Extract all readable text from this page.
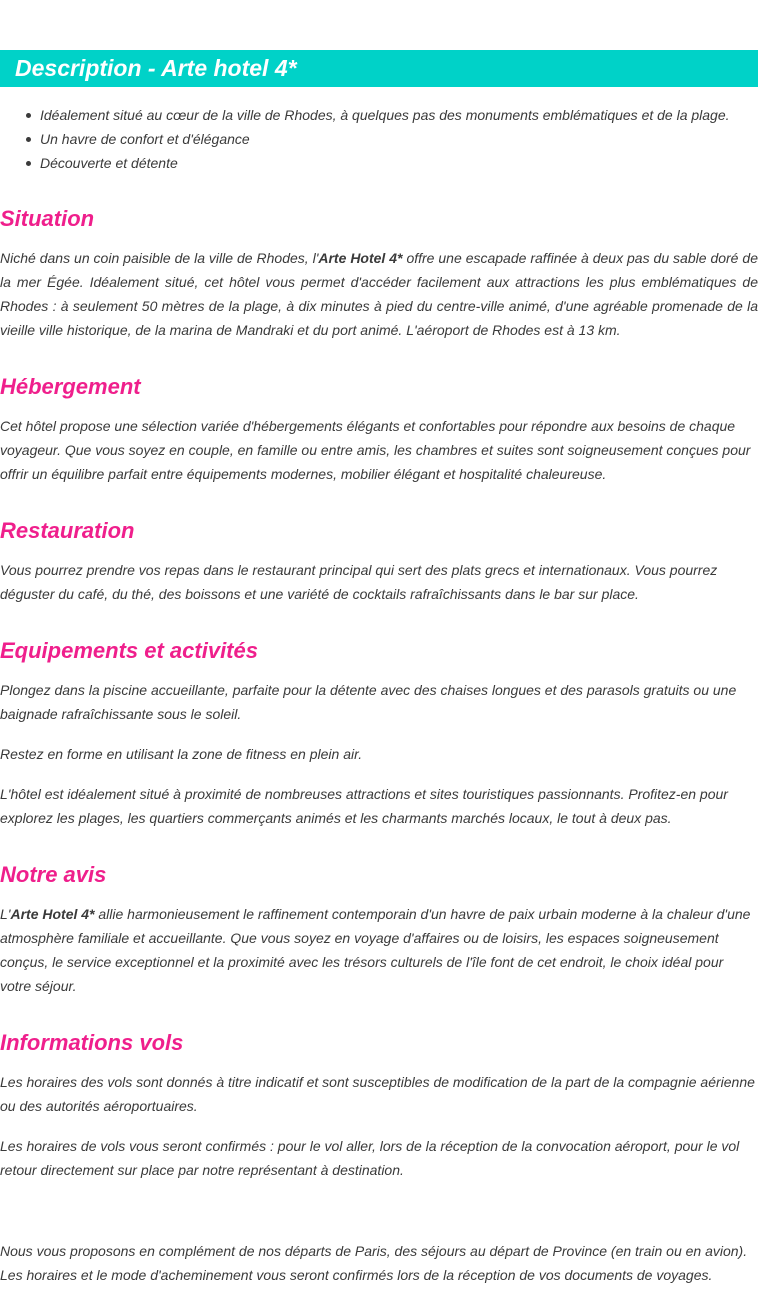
Description - Arte hotel 4*
Idéalement situé au cœur de la ville de Rhodes, à quelques pas des monuments emblématiques et de la plage.
Un havre de confort et d'élégance
Découverte et détente
Situation

Niché dans un coin paisible de la ville de Rhodes, l'Arte Hotel 4* offre une escapade raffinée à deux pas du sable doré de la mer Égée. Idéalement situé, cet hôtel vous permet d'accéder facilement aux attractions les plus emblématiques de Rhodes : à seulement 50 mètres de la plage, à dix minutes à pied du centre-ville animé, d'une agréable promenade de la vieille ville historique, de la marina de Mandraki et du port animé. L'aéroport de Rhodes est à 13 km.

Hébergement

Cet hôtel propose une sélection variée d'hébergements élégants et confortables pour répondre aux besoins de chaque voyageur. Que vous soyez en couple, en famille ou entre amis, les chambres et suites sont soigneusement conçues pour offrir un équilibre parfait entre équipements modernes, mobilier élégant et hospitalité chaleureuse.

Restauration

Vous pourrez prendre vos repas dans le restaurant principal qui sert des plats grecs et internationaux. Vous pourrez déguster du café, du thé, des boissons et une variété de cocktails rafraîchissants dans le bar sur place.

Equipements et activités

Plongez dans la piscine accueillante, parfaite pour la détente avec des chaises longues et des parasols gratuits ou une baignade rafraîchissante sous le soleil.

Restez en forme en utilisant la zone de fitness en plein air.

L'hôtel est idéalement situé à proximité de nombreuses attractions et sites touristiques passionnants. Profitez-en pour explorez les plages, les quartiers commerçants animés et les charmants marchés locaux, le tout à deux pas.

Notre avis

L'Arte Hotel 4* allie harmonieusement le raffinement contemporain d'un havre de paix urbain moderne à la chaleur d'une atmosphère familiale et accueillante. Que vous soyez en voyage d'affaires ou de loisirs, les espaces soigneusement conçus, le service exceptionnel et la proximité avec les trésors culturels de l'île font de cet endroit, le choix idéal pour votre séjour.

Informations vols

Les horaires des vols sont donnés à titre indicatif et sont susceptibles de modification de la part de la compagnie aérienne ou des autorités aéroportuaires.

Les horaires de vols vous seront confirmés : pour le vol aller, lors de la réception de la convocation aéroport, pour le vol retour directement sur place par notre représentant à destination.

Nous vous proposons en complément de nos départs de Paris, des séjours au départ de Province (en train ou en avion).

Les horaires et le mode d'acheminement vous seront confirmés lors de la réception de vos documents de voyages.
